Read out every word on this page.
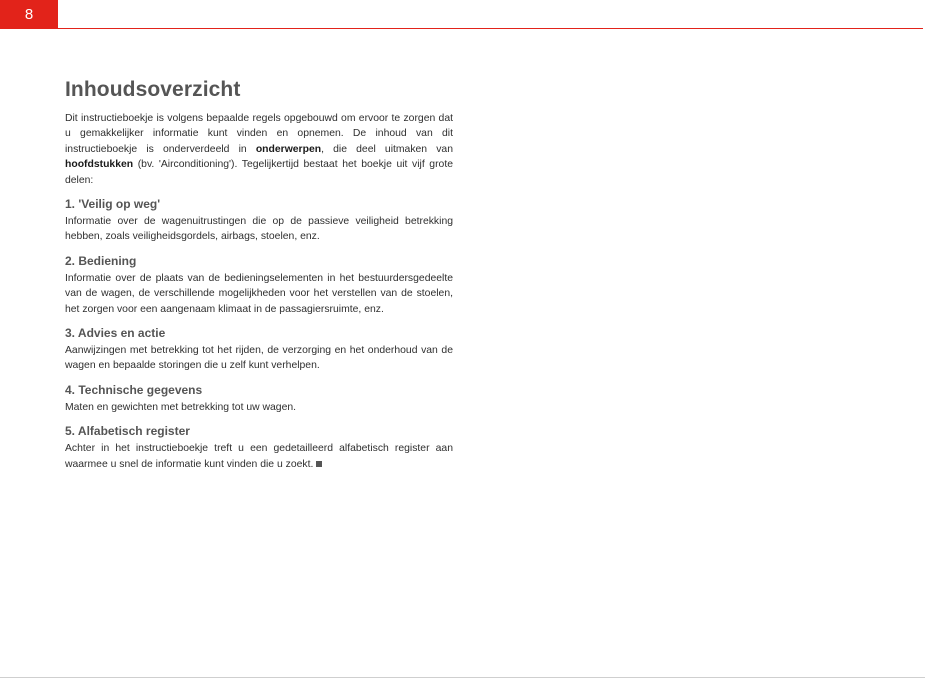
8
Inhoudsoverzicht

Dit instructieboekje is volgens bepaalde regels opgebouwd om ervoor te zorgen dat u gemakkelijker informatie kunt vinden en opnemen. De inhoud van dit instructieboekje is onderverdeeld in onderwerpen, die deel uitmaken van hoofdstukken (bv. 'Airconditioning'). Tegelijkertijd bestaat het boekje uit vijf grote delen:

1. 'Veilig op weg'

Informatie over de wagenuitrustingen die op de passieve veiligheid betrekking hebben, zoals veiligheidsgordels, airbags, stoelen, enz.

2. Bediening

Informatie over de plaats van de bedieningselementen in het bestuurdersgedeelte van de wagen, de verschillende mogelijkheden voor het verstellen van de stoelen, het zorgen voor een aangenaam klimaat in de passagiersruimte, enz.

3. Advies en actie

Aanwijzingen met betrekking tot het rijden, de verzorging en het onderhoud van de wagen en bepaalde storingen die u zelf kunt verhelpen.

4. Technische gegevens

Maten en gewichten met betrekking tot uw wagen.

5. Alfabetisch register

Achter in het instructieboekje treft u een gedetailleerd alfabetisch register aan waarmee u snel de informatie kunt vinden die u zoekt.
